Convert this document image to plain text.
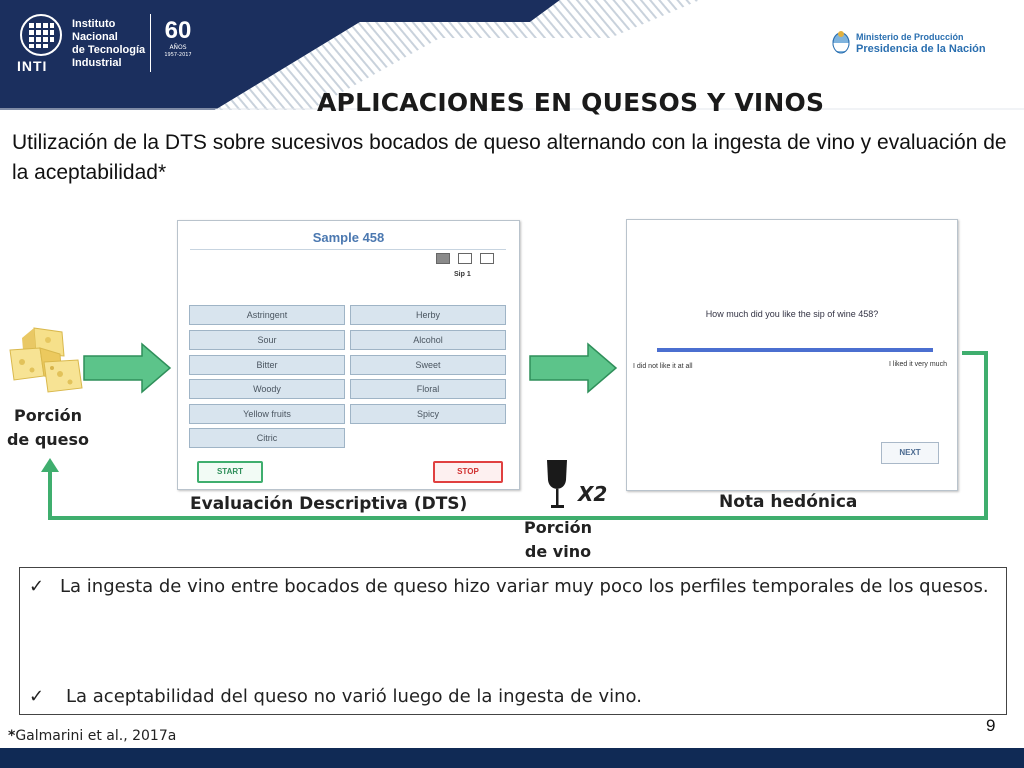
INTI
Instituto
Nacional
de Tecnología
Industrial
60
AÑOS
1957-2017
Ministerio de Producción
Presidencia de la Nación
APLICACIONES EN QUESOS Y VINOS
Utilización de la DTS sobre sucesivos bocados de queso alternando con la ingesta de vino y evaluación de la aceptabilidad*
Porción
de queso
Sample 458
Sip 1
Astringent	Herby
Sour	Alcohol
Bitter	Sweet
Woody	Floral
Yellow fruits	Spicy
Citric
START	STOP
Evaluación Descriptiva (DTS)
How much did you like the sip of wine 458?
I did not like it at all	I liked it very much
NEXT
Nota hedónica
X2
Porción
de vino
✓ La ingesta de vino entre bocados de queso hizo variar muy poco los perfiles temporales de los quesos.
✓ La aceptabilidad del queso no varió luego de la ingesta de vino.
9
*Galmarini et al., 2017a
